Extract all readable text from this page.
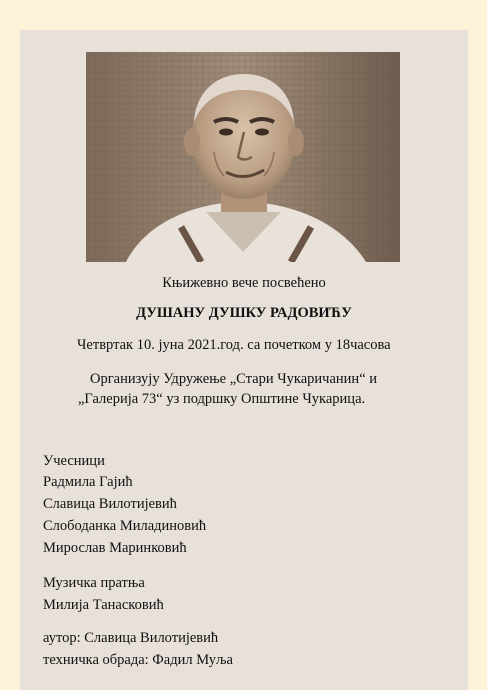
Књижевно вече посвећено
ДУШАНУ ДУШКУ РАДОВИЋУ
Четвртак 10. јуна 2021.год. са почетком у 18часова
Организују Удружење „Стари Чукаричанин“ и
„Галерија 73“ уз подршку Општине Чукарица.
Учесници
Радмила Гајић
Славица Вилотијевић
Слободанка Миладиновић
Мирослав Маринковић
Музичка пратња
Милија Танасковић
аутор: Славица Вилотијевић
техничка обрада: Фадил Муља
